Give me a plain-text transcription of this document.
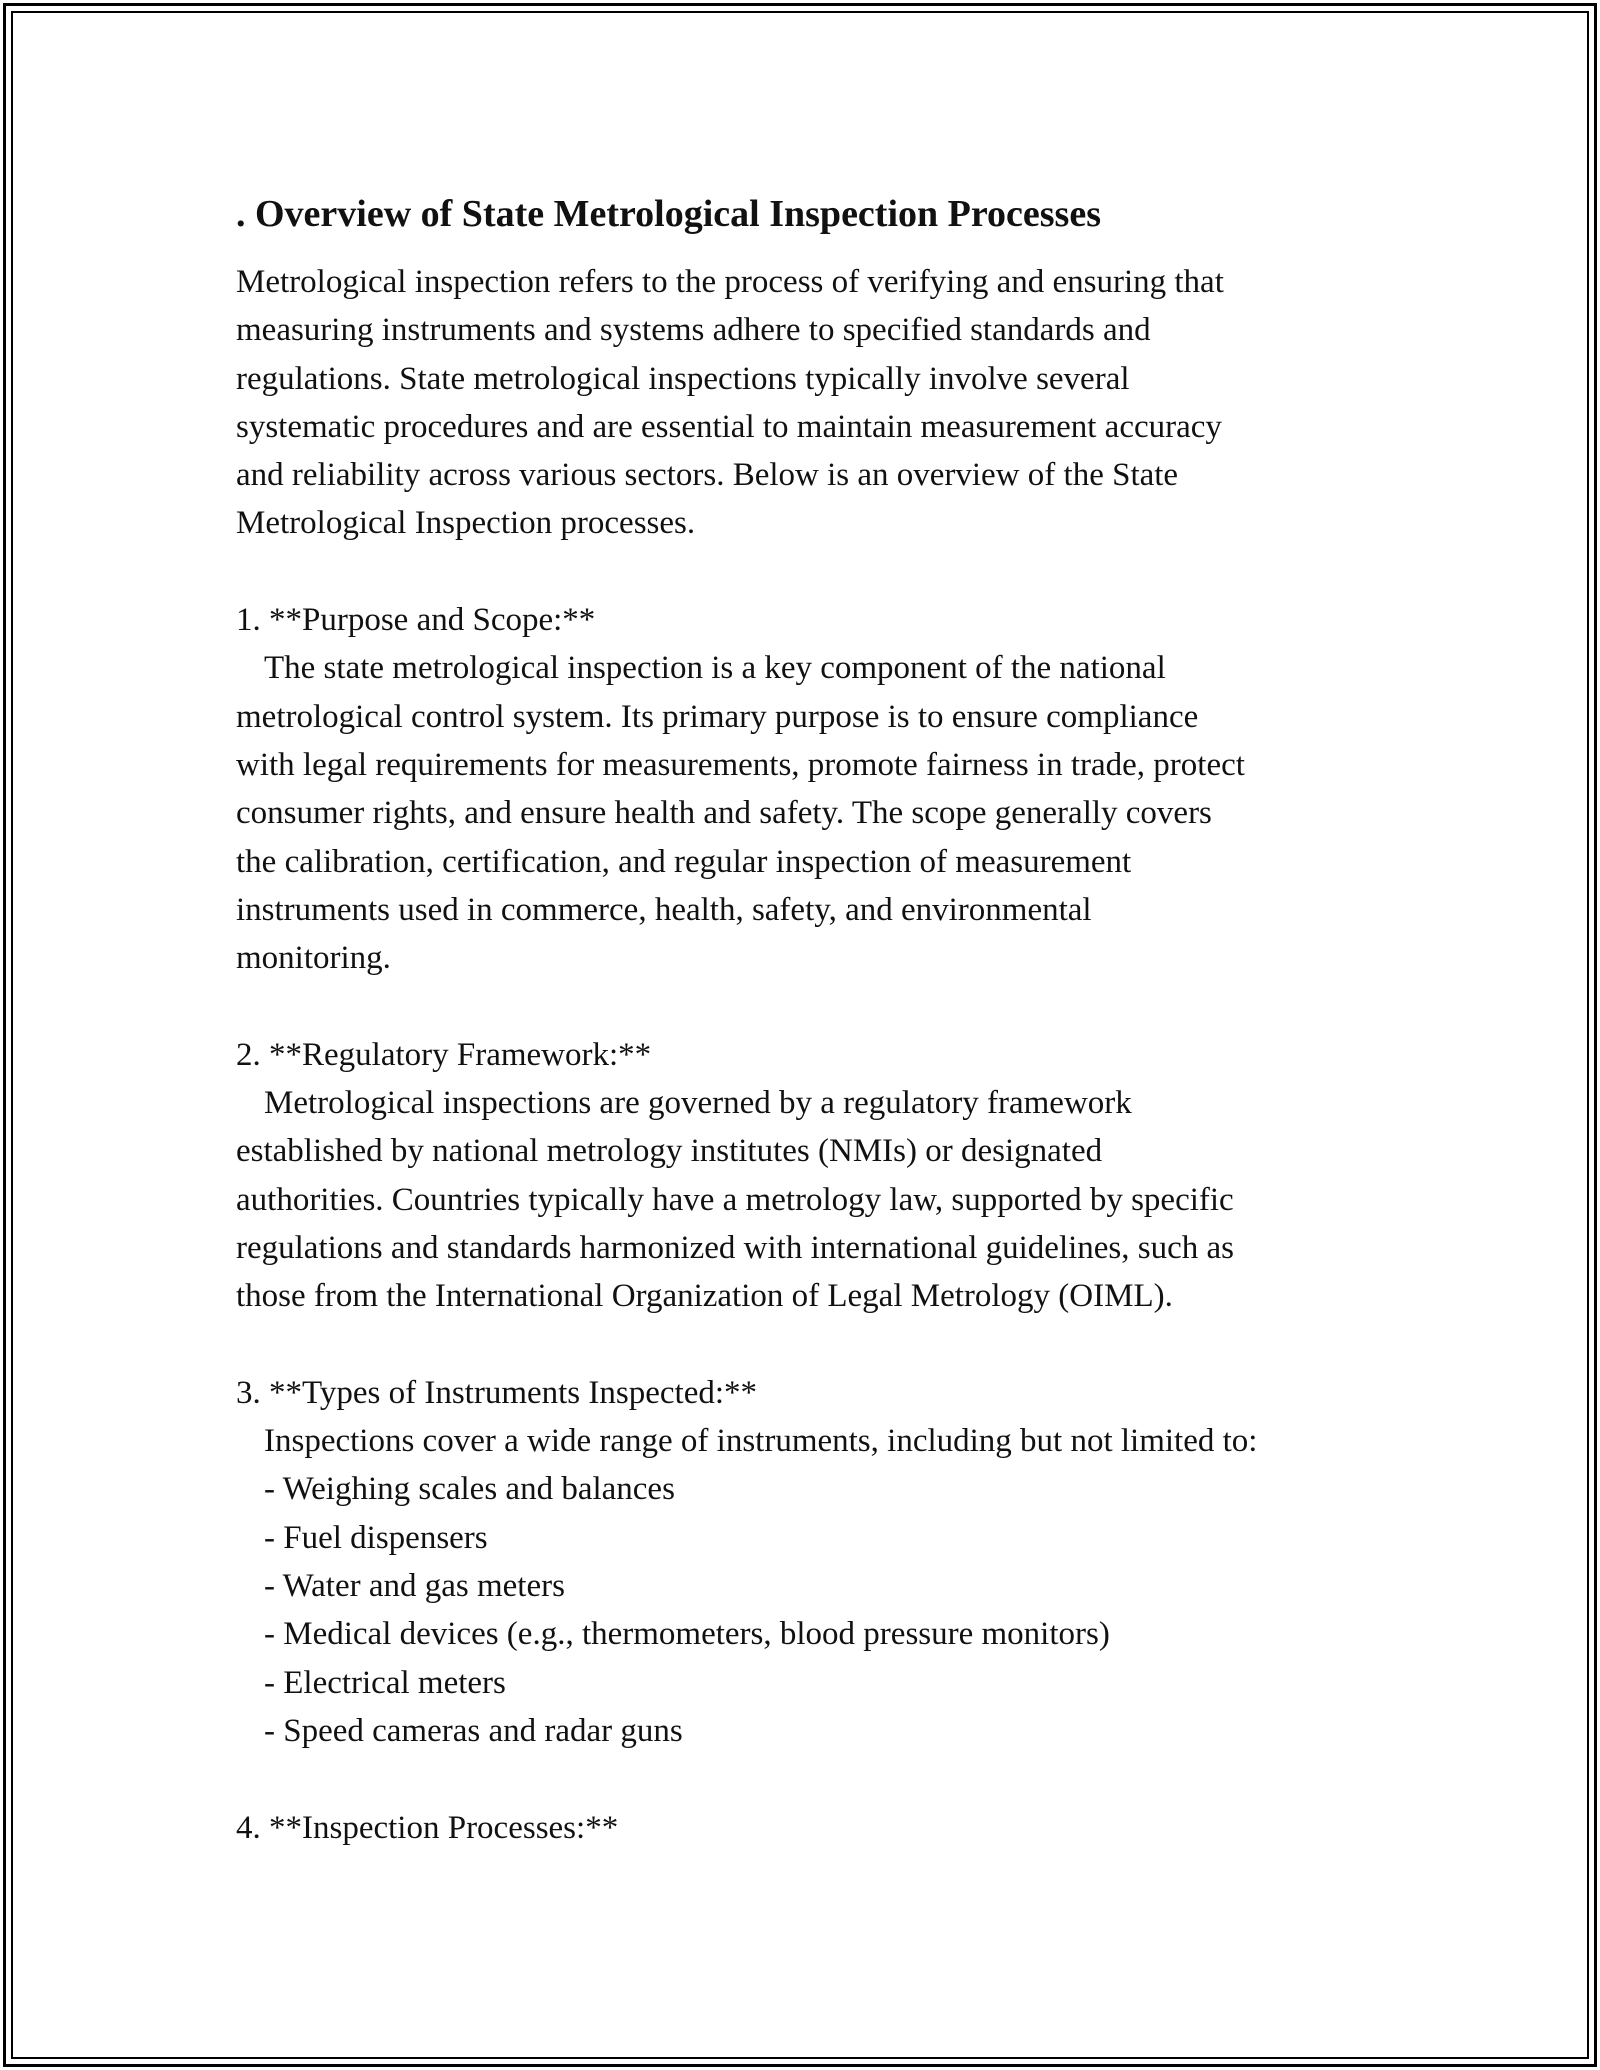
. Overview of State Metrological Inspection Processes
Metrological inspection refers to the process of verifying and ensuring that
measuring instruments and systems adhere to specified standards and
regulations. State metrological inspections typically involve several
systematic procedures and are essential to maintain measurement accuracy
and reliability across various sectors. Below is an overview of the State
Metrological Inspection processes.
1. **Purpose and Scope:**
The state metrological inspection is a key component of the national
metrological control system. Its primary purpose is to ensure compliance
with legal requirements for measurements, promote fairness in trade, protect
consumer rights, and ensure health and safety. The scope generally covers
the calibration, certification, and regular inspection of measurement
instruments used in commerce, health, safety, and environmental
monitoring.
2. **Regulatory Framework:**
Metrological inspections are governed by a regulatory framework
established by national metrology institutes (NMIs) or designated
authorities. Countries typically have a metrology law, supported by specific
regulations and standards harmonized with international guidelines, such as
those from the International Organization of Legal Metrology (OIML).
3. **Types of Instruments Inspected:**
Inspections cover a wide range of instruments, including but not limited to:
- Weighing scales and balances
- Fuel dispensers
- Water and gas meters
- Medical devices (e.g., thermometers, blood pressure monitors)
- Electrical meters
- Speed cameras and radar guns
4. **Inspection Processes:**
